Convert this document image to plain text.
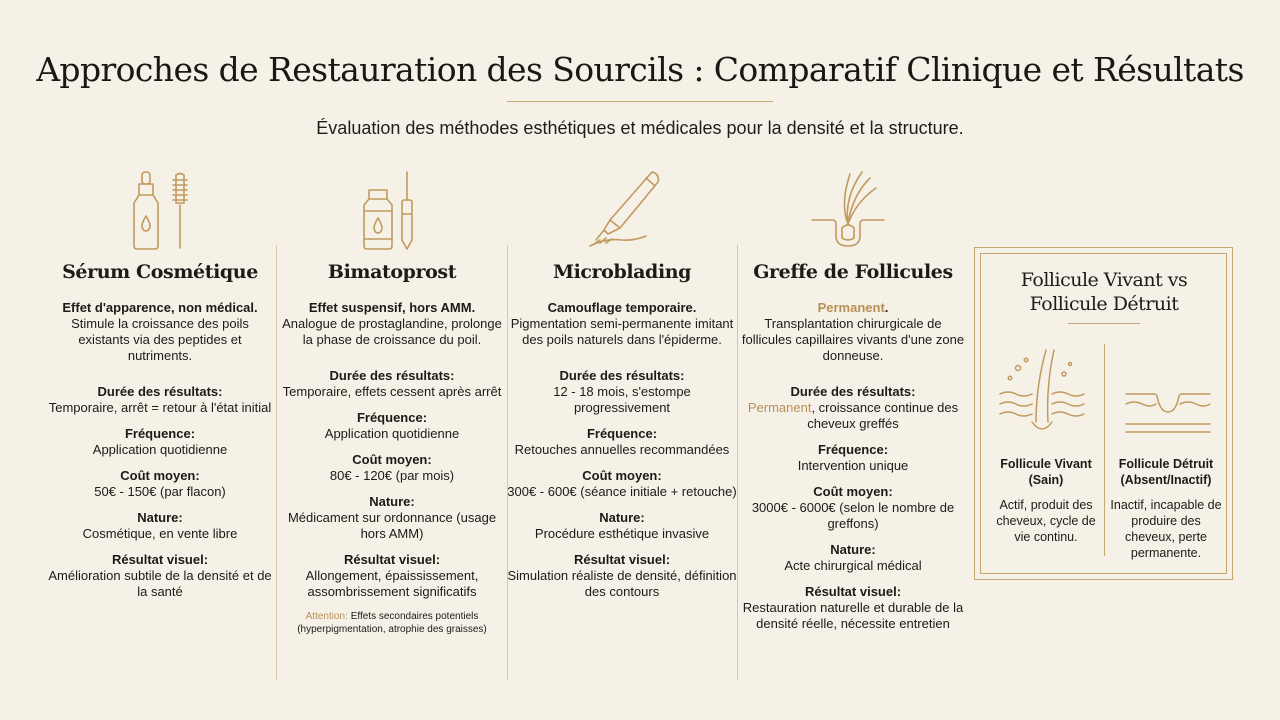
Approches de Restauration des Sourcils : Comparatif Clinique et Résultats
Évaluation des méthodes esthétiques et médicales pour la densité et la structure.
Sérum Cosmétique
Effet d'apparence, non médical.
Stimule la croissance des poils existants via des peptides et nutriments.
Durée des résultats:
Temporaire, arrêt = retour à l'état initial
Fréquence:
Application quotidienne
Coût moyen:
50€ - 150€ (par flacon)
Nature:
Cosmétique, en vente libre
Résultat visuel:
Amélioration subtile de la densité et de la santé
Bimatoprost
Effet suspensif, hors AMM.
Analogue de prostaglandine, prolonge la phase de croissance du poil.
Durée des résultats:
Temporaire, effets cessent après arrêt
Fréquence:
Application quotidienne
Coût moyen:
80€ - 120€ (par mois)
Nature:
Médicament sur ordonnance (usage hors AMM)
Résultat visuel:
Allongement, épaississement, assombrissement significatifs
Attention: Effets secondaires potentiels (hyperpigmentation, atrophie des graisses)
Microblading
Camouflage temporaire.
Pigmentation semi-permanente imitant des poils naturels dans l'épiderme.
Durée des résultats:
12 - 18 mois, s'estompe progressivement
Fréquence:
Retouches annuelles recommandées
Coût moyen:
300€ - 600€ (séance initiale + retouche)
Nature:
Procédure esthétique invasive
Résultat visuel:
Simulation réaliste de densité, définition des contours
Greffe de Follicules
Permanent.
Transplantation chirurgicale de follicules capillaires vivants d'une zone donneuse.
Durée des résultats:
Permanent, croissance continue des cheveux greffés
Fréquence:
Intervention unique
Coût moyen:
3000€ - 6000€ (selon le nombre de greffons)
Nature:
Acte chirurgical médical
Résultat visuel:
Restauration naturelle et durable de la densité réelle, nécessite entretien
Follicule Vivant vs Follicule Détruit
Follicule Vivant (Sain)
Actif, produit des cheveux, cycle de vie continu.
Follicule Détruit (Absent/Inactif)
Inactif, incapable de produire des cheveux, perte permanente.
